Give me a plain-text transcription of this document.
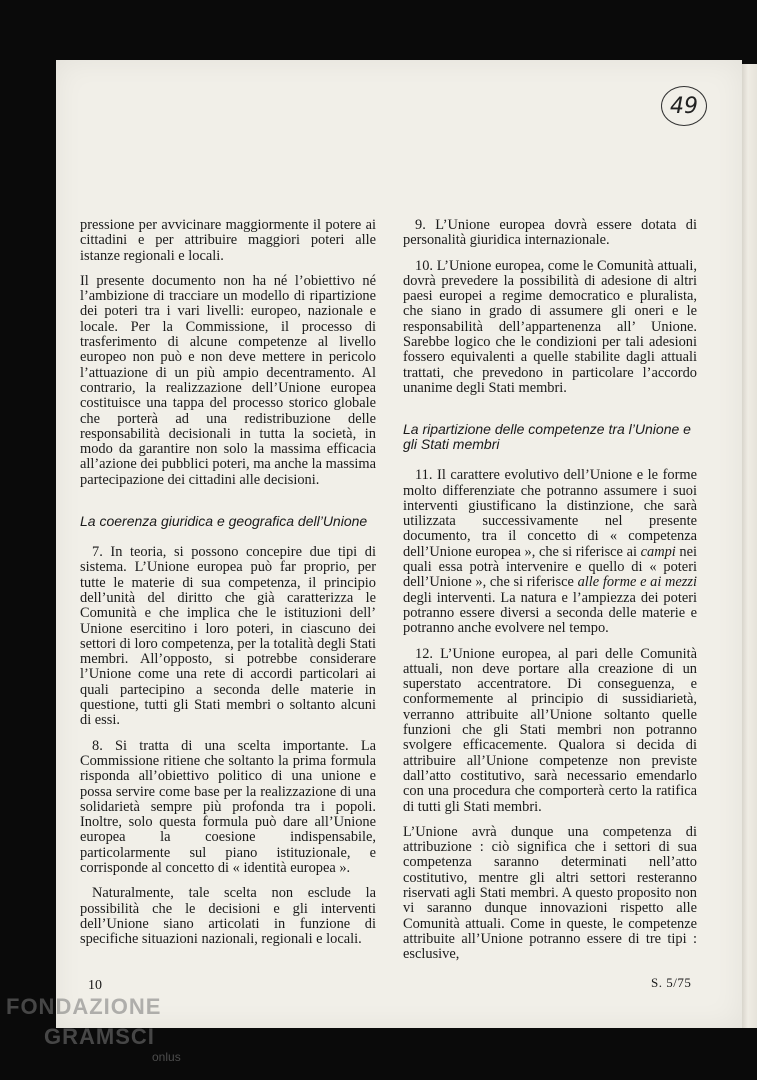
49

pressione per avvicinare maggiormente il potere ai cittadini e per attribuire maggiori poteri alle istanze regionali e locali.

Il presente documento non ha né l’obiettivo né l’ambizione di tracciare un modello di ripartizione dei poteri tra i vari livelli: europeo, nazionale e locale. Per la Commissione, il processo di trasferimento di alcune competenze al livello europeo non può e non deve mettere in pericolo l’attuazione di un più ampio decentramento. Al contrario, la realizzazione dell’Unione europea costituisce una tappa del processo storico globale che porterà ad una redistribuzione delle responsabilità decisionali in tutta la società, in modo da garantire non solo la massima efficacia all’azione dei pubblici poteri, ma anche la massima partecipazione dei cittadini alle decisioni.

La coerenza giuridica e geografica dell’Unione

7. In teoria, si possono concepire due tipi di sistema. L’Unione europea può far proprio, per tutte le materie di sua competenza, il principio dell’unità del diritto che già caratterizza le Comunità e che implica che le istituzioni dell’ Unione esercitino i loro poteri, in ciascuno dei settori di loro competenza, per la totalità degli Stati membri. All’opposto, si potrebbe considerare l’Unione come una rete di accordi particolari ai quali partecipino a seconda delle materie in questione, tutti gli Stati membri o soltanto alcuni di essi.

8. Si tratta di una scelta importante. La Commissione ritiene che soltanto la prima formula risponda all’obiettivo politico di una unione e possa servire come base per la realizzazione di una solidarietà sempre più profonda tra i popoli. Inoltre, solo questa formula può dare all’Unione europea la coesione indispensabile, particolarmente sul piano istituzionale, e corrisponde al concetto di « identità europea ».

Naturalmente, tale scelta non esclude la possibilità che le decisioni e gli interventi dell’Unione siano articolati in funzione di specifiche situazioni nazionali, regionali e locali.

9. L’Unione europea dovrà essere dotata di personalità giuridica internazionale.

10. L’Unione europea, come le Comunità attuali, dovrà prevedere la possibilità di adesione di altri paesi europei a regime democratico e pluralista, che siano in grado di assumere gli oneri e le responsabilità dell’appartenenza all’ Unione. Sarebbe logico che le condizioni per tali adesioni fossero equivalenti a quelle stabilite dagli attuali trattati, che prevedono in particolare l’accordo unanime degli Stati membri.

La ripartizione delle competenze tra l’Unione e gli Stati membri

11. Il carattere evolutivo dell’Unione e le forme molto differenziate che potranno assumere i suoi interventi giustificano la distinzione, che sarà utilizzata successivamente nel presente documento, tra il concetto di « competenza dell’Unione europea », che si riferisce ai campi nei quali essa potrà intervenire e quello di « poteri dell’Unione », che si riferisce alle forme e ai mezzi degli interventi. La natura e l’ampiezza dei poteri potranno essere diversi a seconda delle materie e potranno anche evolvere nel tempo.

12. L’Unione europea, al pari delle Comunità attuali, non deve portare alla creazione di un superstato accentratore. Di conseguenza, e conformemente al principio di sussidiarietà, verranno attribuite all’Unione soltanto quelle funzioni che gli Stati membri non potranno svolgere efficacemente. Qualora si decida di attribuire all’Unione competenze non previste dall’atto costitutivo, sarà necessario emendarlo con una procedura che comporterà certo la ratifica di tutti gli Stati membri.

L’Unione avrà dunque una competenza di attribuzione : ciò significa che i settori di sua competenza saranno determinati nell’atto costitutivo, mentre gli altri settori resteranno riservati agli Stati membri. A questo proposito non vi saranno dunque innovazioni rispetto alle Comunità attuali. Come in queste, le competenze attribuite all’Unione potranno essere di tre tipi : esclusive,

10	S. 5/75
FONDAZIONE
GRAMSCI
onlus
